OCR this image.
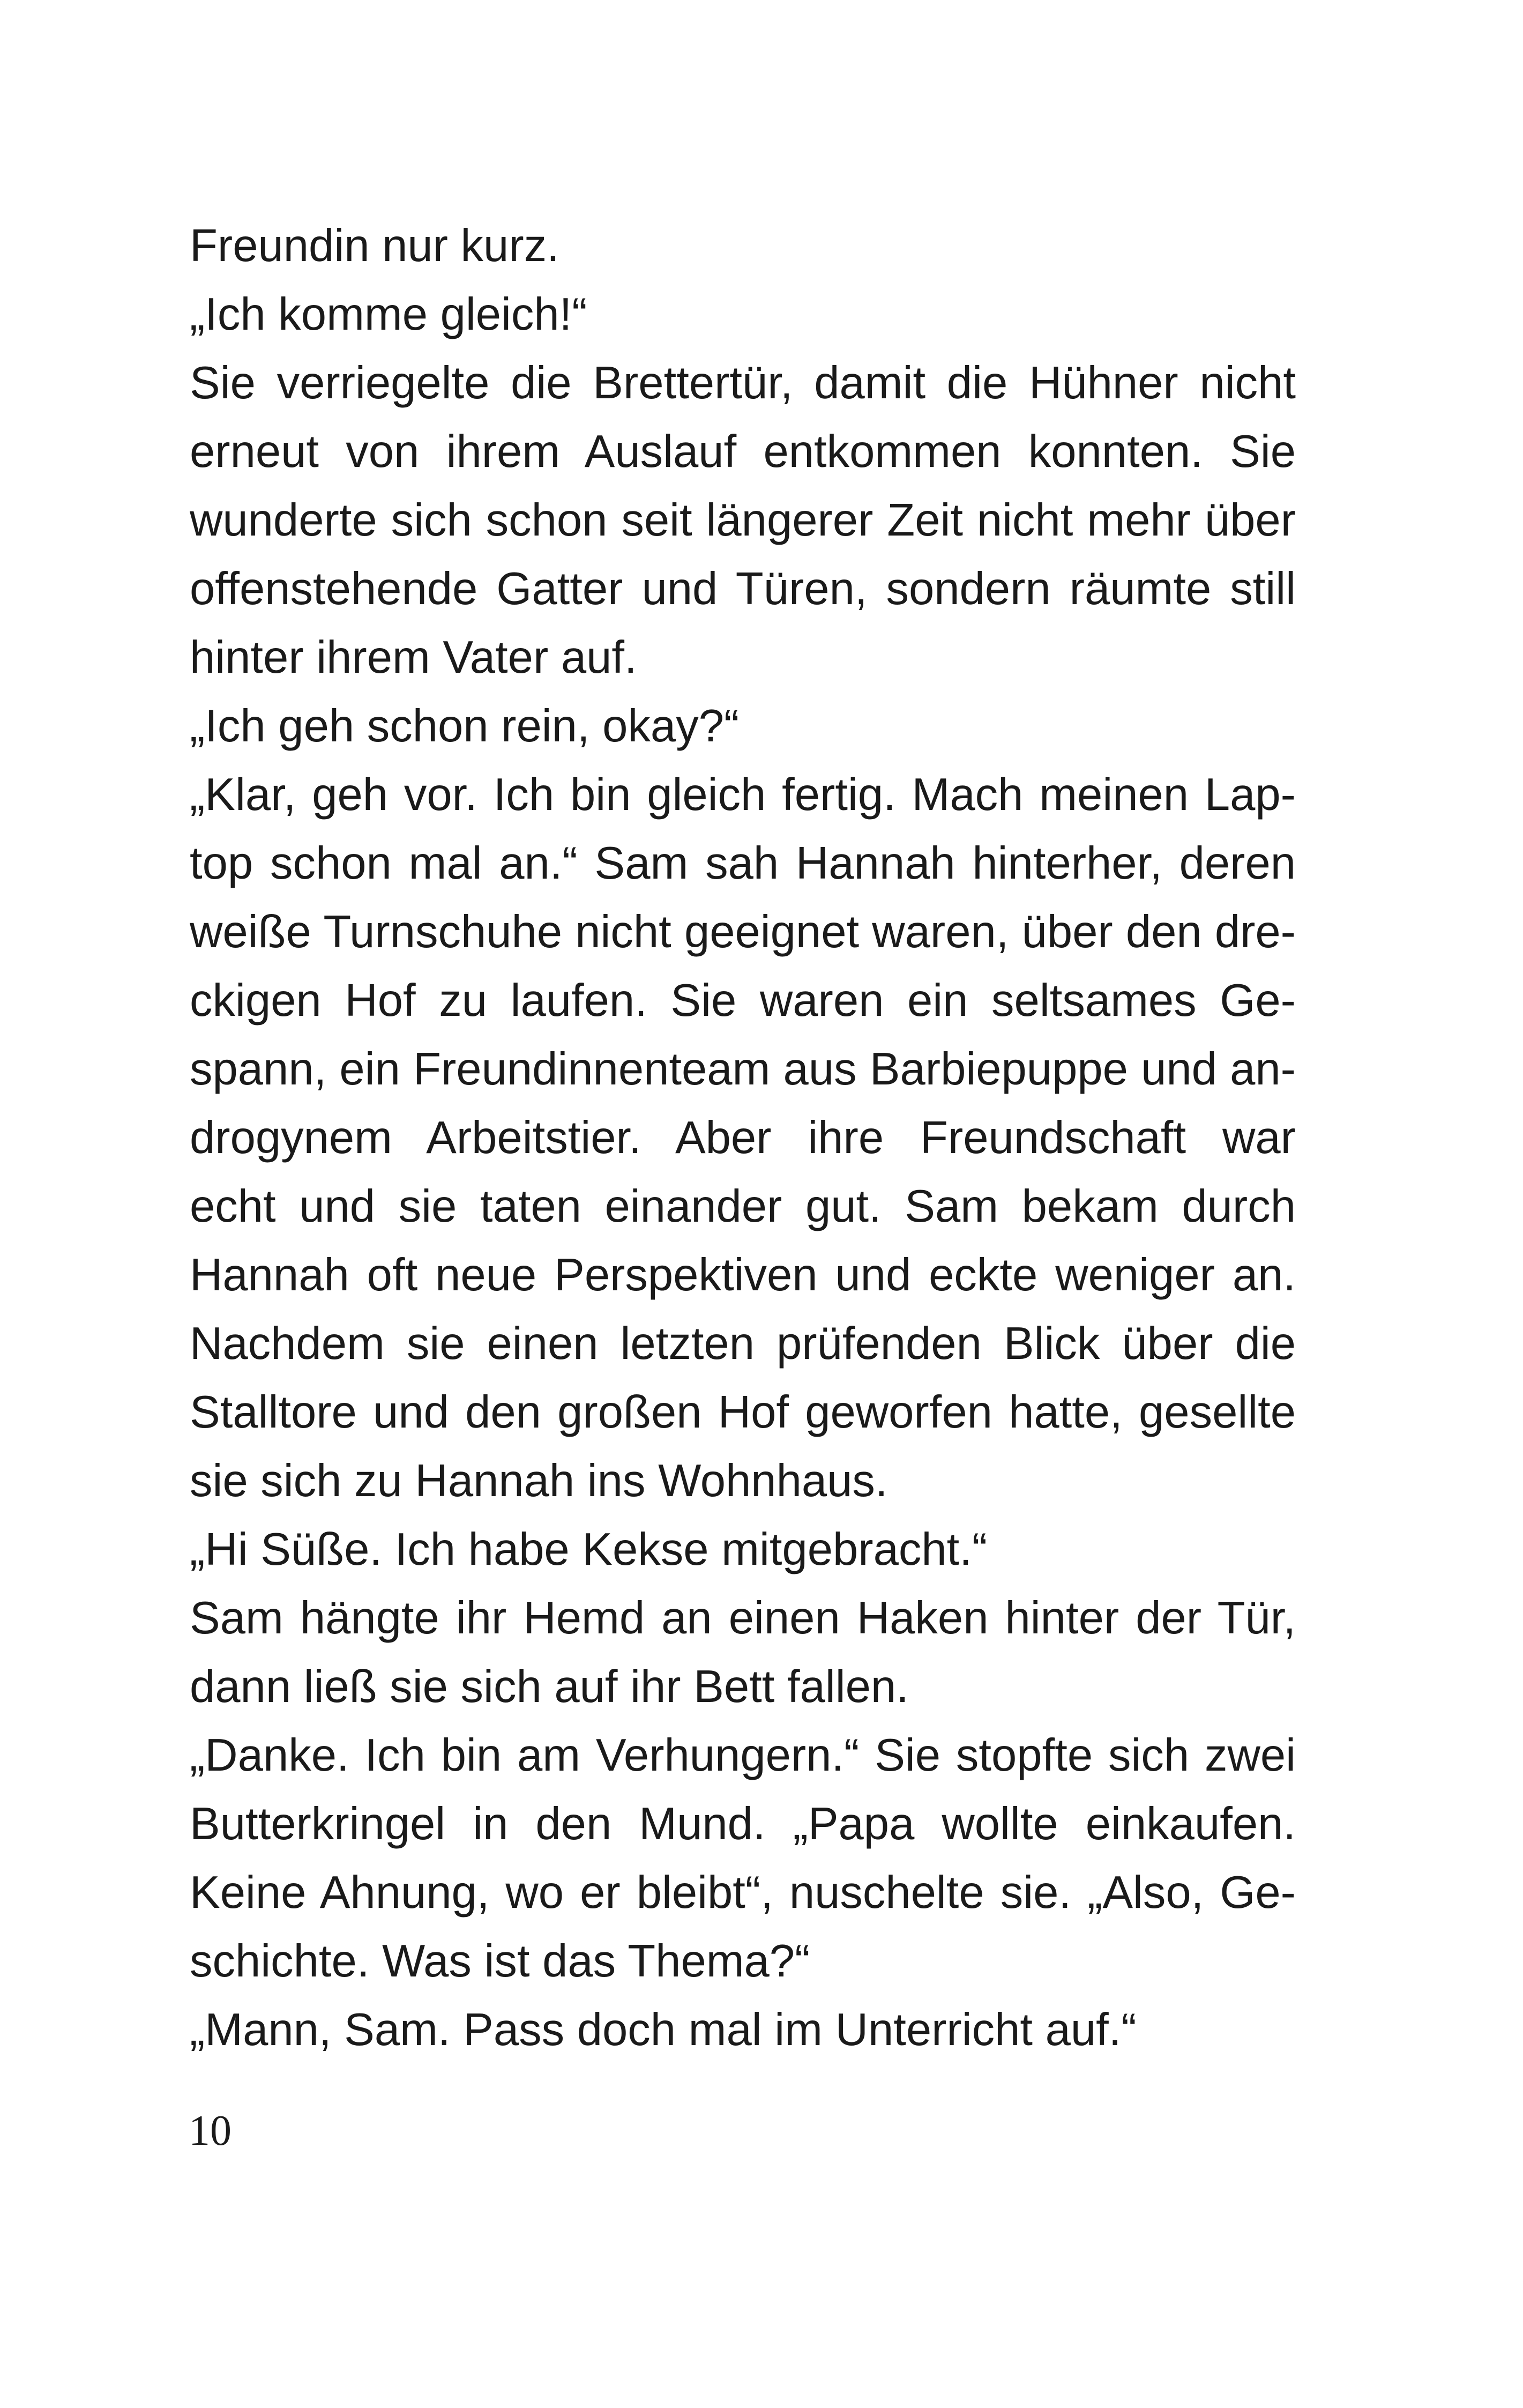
Freundin nur kurz.
„Ich komme gleich!“
Sie verriegelte die Brettertür, damit die Hühner nicht
erneut von ihrem Auslauf entkommen konnten. Sie
wunderte sich schon seit längerer Zeit nicht mehr über
offenstehende Gatter und Türen, sondern räumte still
hinter ihrem Vater auf.
„Ich geh schon rein, okay?“
„Klar, geh vor. Ich bin gleich fertig. Mach meinen Lap-
top schon mal an.“ Sam sah Hannah hinterher, deren
weiße Turnschuhe nicht geeignet waren, über den dre-
ckigen Hof zu laufen. Sie waren ein seltsames Ge-
spann, ein Freundinnenteam aus Barbiepuppe und an-
drogynem Arbeitstier. Aber ihre Freundschaft war
echt und sie taten einander gut. Sam bekam durch
Hannah oft neue Perspektiven und eckte weniger an.
Nachdem sie einen letzten prüfenden Blick über die
Stalltore und den großen Hof geworfen hatte, gesellte
sie sich zu Hannah ins Wohnhaus.
„Hi Süße. Ich habe Kekse mitgebracht.“
Sam hängte ihr Hemd an einen Haken hinter der Tür,
dann ließ sie sich auf ihr Bett fallen.
„Danke. Ich bin am Verhungern.“ Sie stopfte sich zwei
Butterkringel in den Mund. „Papa wollte einkaufen.
Keine Ahnung, wo er bleibt“, nuschelte sie. „Also, Ge-
schichte. Was ist das Thema?“
„Mann, Sam. Pass doch mal im Unterricht auf.“
10
